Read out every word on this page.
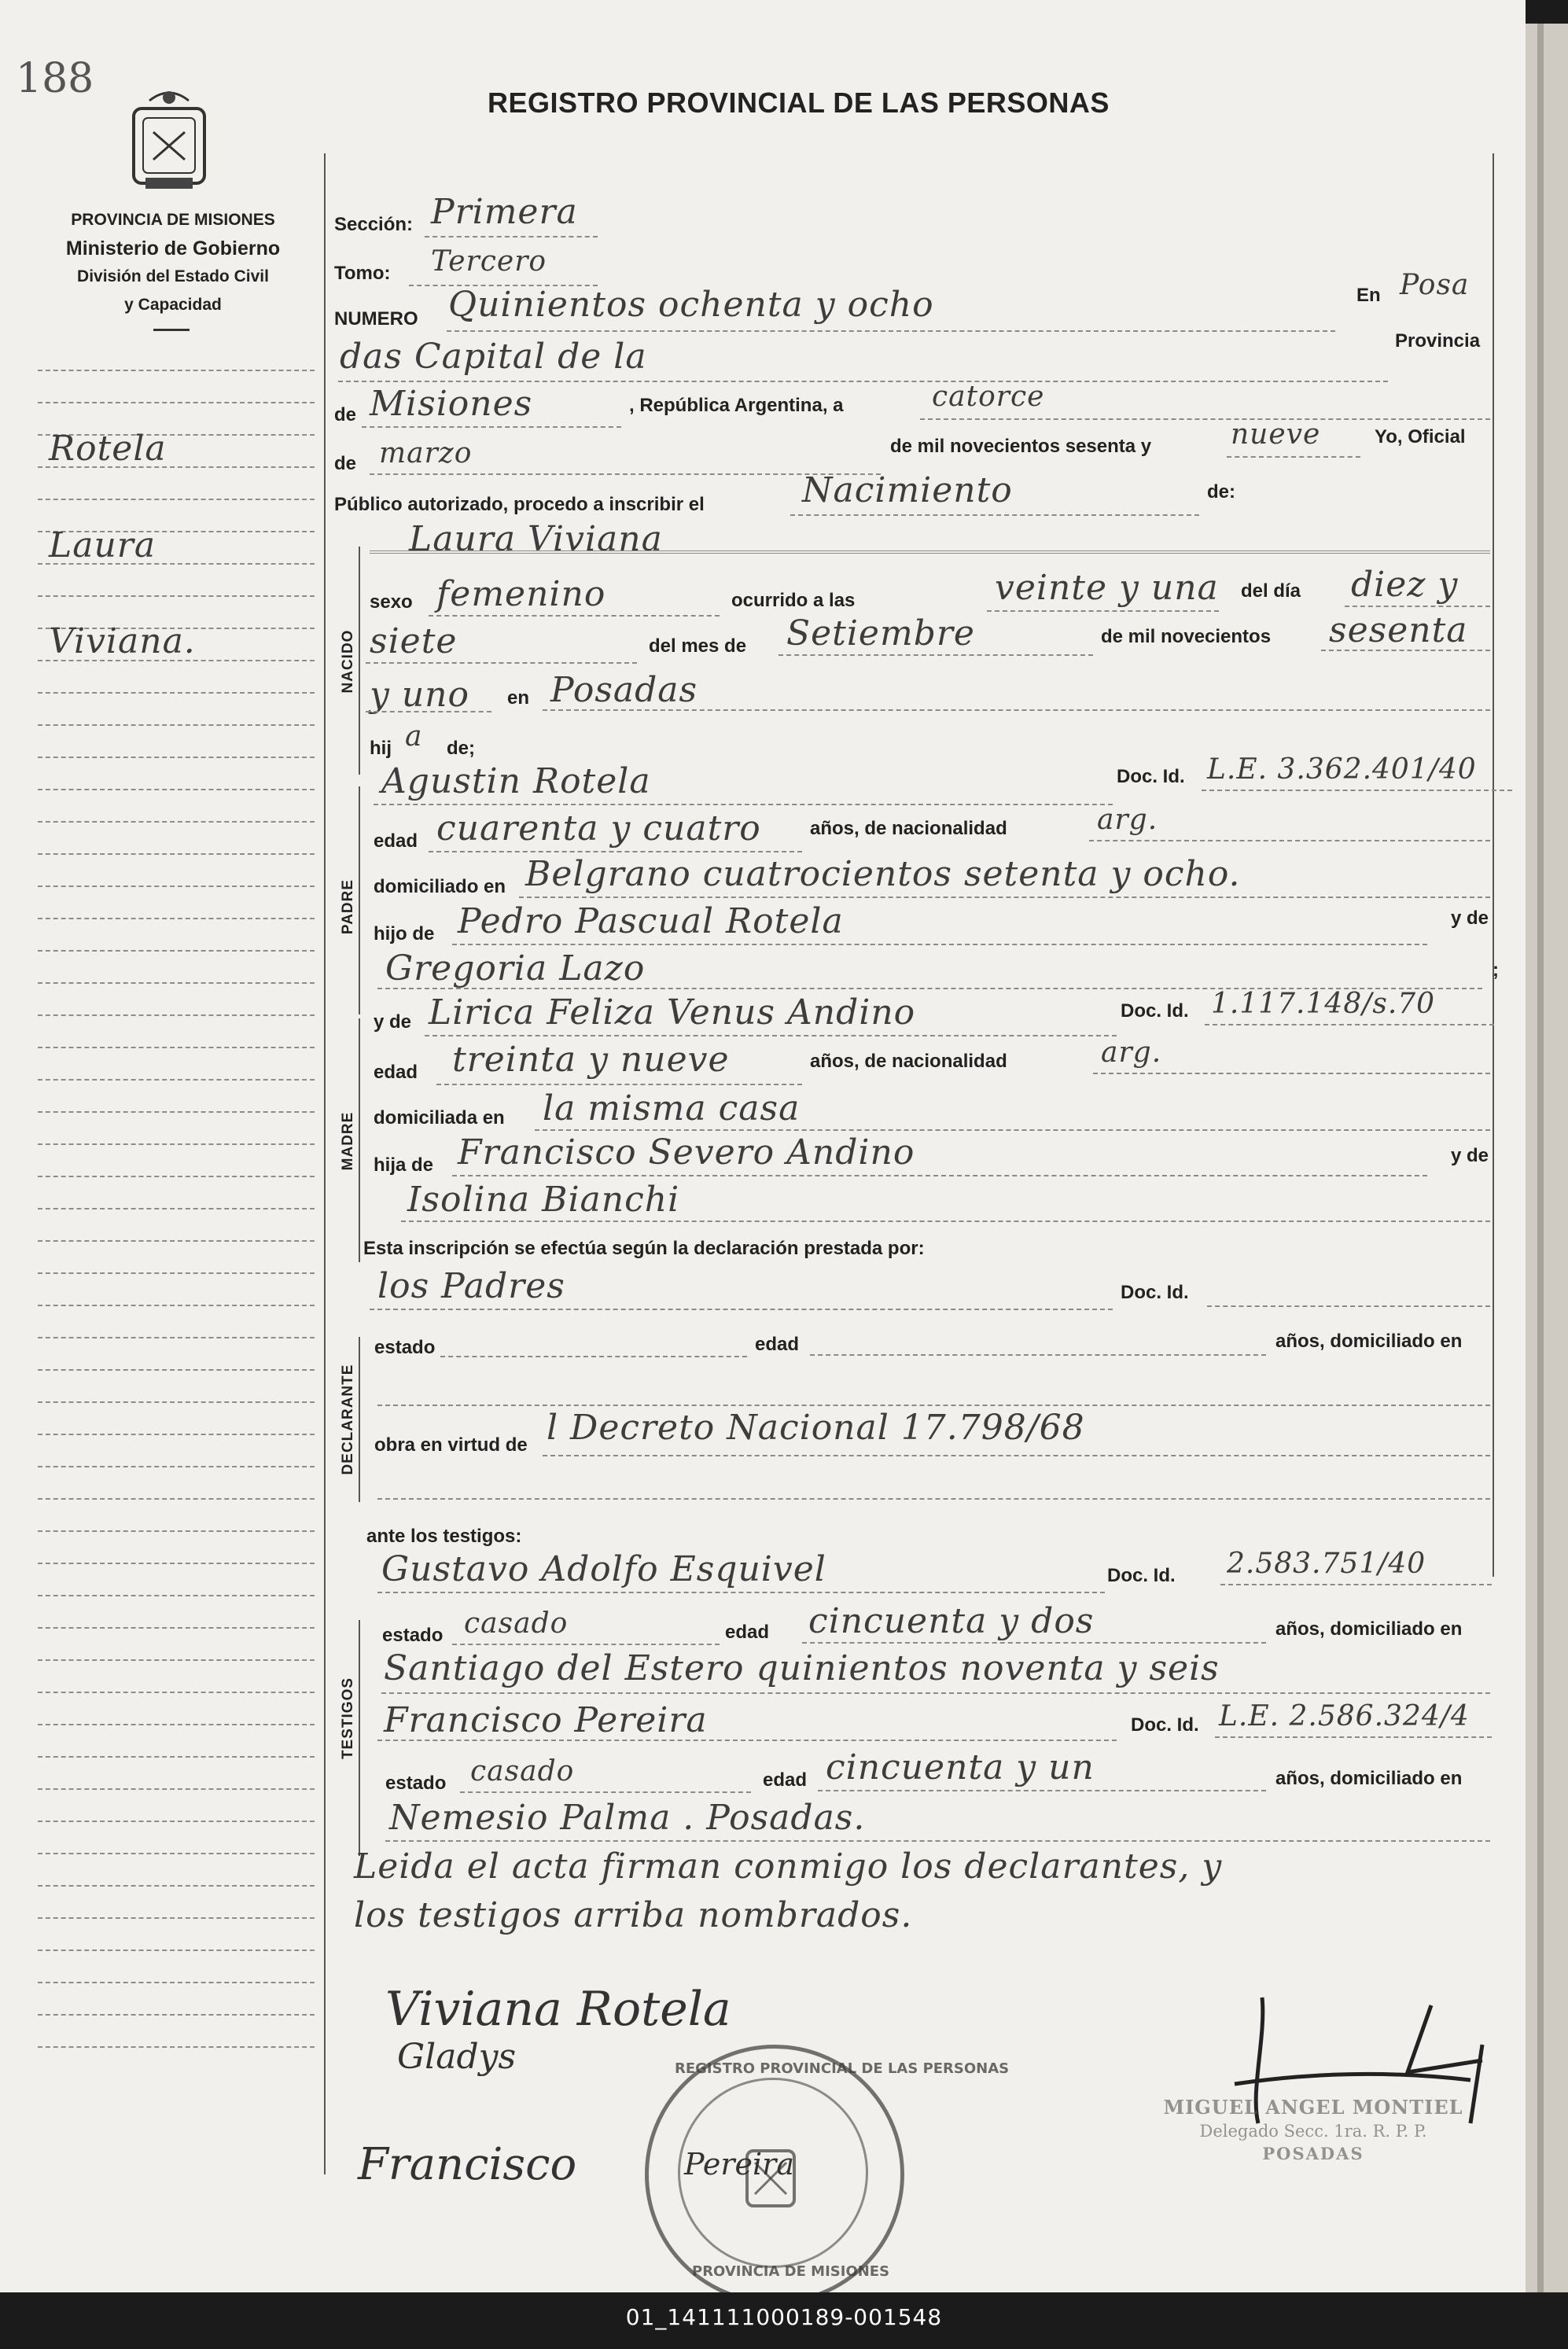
188
PROVINCIA DE MISIONES
Ministerio de Gobierno
División del Estado Civil
y Capacidad
REGISTRO PROVINCIAL DE LAS PERSONAS
Rotela
Laura
Viviana.
Sección: Primera
Tomo: Tercero
NUMERO Quinientos ochenta y ocho	En Posa
das Capital de la	Provincia
de Misiones	, República Argentina, a	catorce
de marzo	de mil novecientos sesenta y	nueve	Yo, Oficial
Público autorizado, procedo a inscribir el	Nacimiento	de:
Laura Viviana
NACIDO
sexo femenino	ocurrido a las	veinte y una del día diez y
siete	del mes de Setiembre	de mil novecientos sesenta
y uno en Posadas
hij a de;
PADRE
Agustin Rotela	Doc. Id. L.E. 3.362.401/40
edad cuarenta y cuatro	años, de nacionalidad	arg.
domiciliado en Belgrano cuatrocientos setenta y ocho.
hijo de Pedro Pascual Rotela	y de
Gregoria Lazo	;
MADRE
y de Lirica Feliza Venus Andino	Doc. Id. 1.117.148/s.70
edad treinta y nueve	años, de nacionalidad	arg.
domiciliada en la misma casa
hija de Francisco Severo Andino	y de
Isolina Bianchi
Esta inscripción se efectúa según la declaración prestada por:
DECLARANTE
los Padres	Doc. Id.
estado	edad	años, domiciliado en
obra en virtud de l Decreto Nacional 17.798/68
ante los testigos:
TESTIGOS
Gustavo Adolfo Esquivel	Doc. Id. 2.583.751/40
estado casado	edad cincuenta y dos	años, domiciliado en
Santiago del Estero quinientos noventa y seis
Francisco Pereira	Doc. Id. L.E. 2.586.324/4
estado casado	edad cincuenta y un	años, domiciliado en
Nemesio Palma . Posadas.
Leida el acta firman conmigo los declarantes, y
los testigos arriba nombrados.
REGISTRO PROVINCIAL DE LAS PERSONAS
PROVINCIA DE MISIONES
Viviana Rotela
Gladys
Francisco	Pereira
MIGUEL ANGEL MONTIEL
Delegado Secc. 1ra. R. P. P.
POSADAS
01_141111000189-001548
